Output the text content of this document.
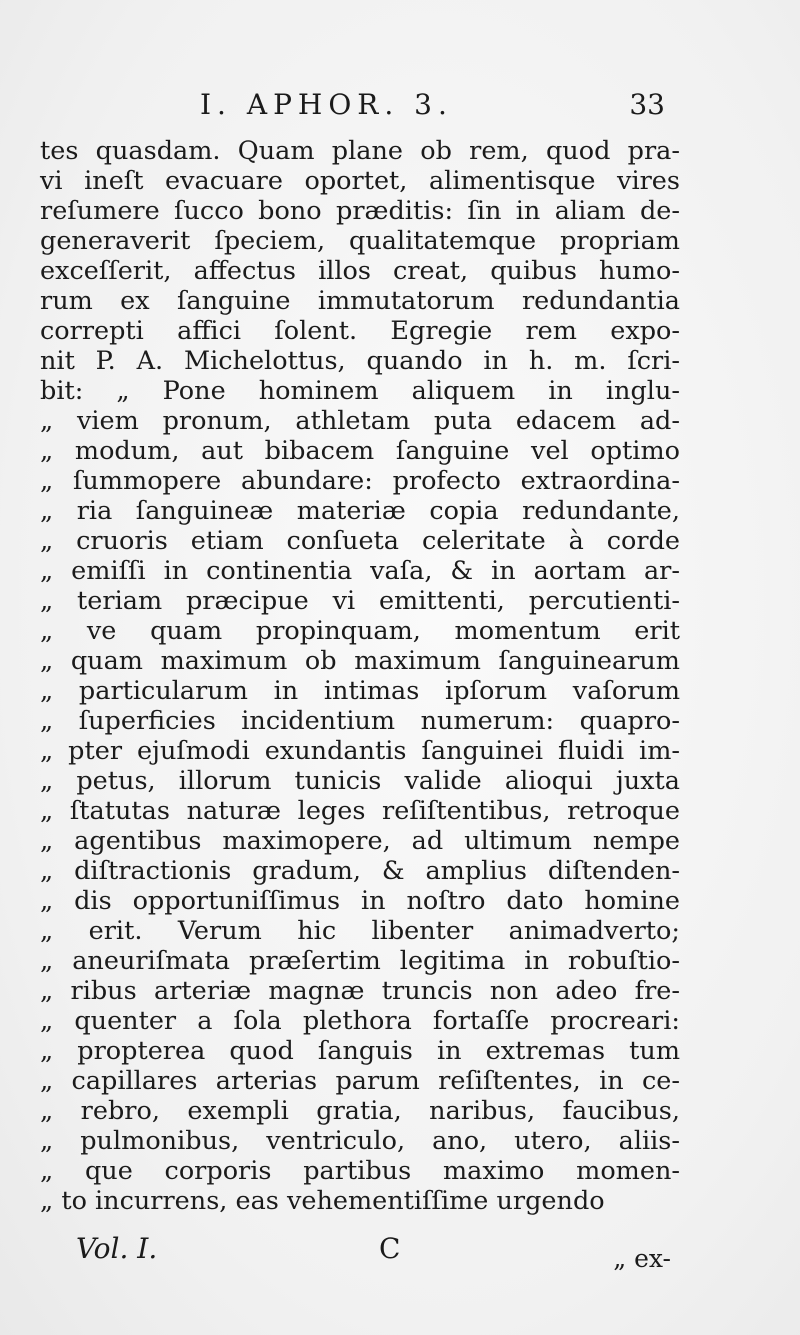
I. APHOR. 3.	33
tes quasdam. Quam plane ob rem, quod pra-
vi ineſt evacuare oportet, alimentisque vires
reſumere ſucco bono præditis: ſin in aliam de-
generaverit ſpeciem, qualitatemque propriam
exceſſerit, affectus illos creat, quibus humo-
rum ex ſanguine immutatorum redundantia
correpti affici ſolent. Egregie rem expo-
nit P. A. Michelottus, quando in h. m. ſcri-
bit: „ Pone hominem aliquem in inglu-
„ viem pronum, athletam puta edacem ad-
„ modum, aut bibacem ſanguine vel optimo
„ ſummopere abundare: profecto extraordina-
„ ria ſanguineæ materiæ copia redundante,
„ cruoris etiam conſueta celeritate à corde
„ emiſſi in continentia vaſa, & in aortam ar-
„ teriam præcipue vi emittenti, percutienti-
„ ve quam propinquam, momentum erit
„ quam maximum ob maximum ſanguinearum
„ particularum in intimas ipſorum vaſorum
„ ſuperficies incidentium numerum: quapro-
„ pter ejuſmodi exundantis ſanguinei fluidi im-
„ petus, illorum tunicis valide alioqui juxta
„ ſtatutas naturæ leges reſiſtentibus, retroque
„ agentibus maximopere, ad ultimum nempe
„ diſtractionis gradum, & amplius diſtenden-
„ dis opportuniſſimus in noſtro dato homine
„ erit. Verum hic libenter animadverto;
„ aneuriſmata præſertim legitima in robuſtio-
„ ribus arteriæ magnæ truncis non adeo fre-
„ quenter a ſola plethora fortaſſe procreari:
„ propterea quod ſanguis in extremas tum
„ capillares arterias parum reſiſtentes, in ce-
„ rebro, exempli gratia, naribus, faucibus,
„ pulmonibus, ventriculo, ano, utero, aliis-
„ que corporis partibus maximo momen-
„ to incurrens, eas vehementiſſime urgendo
Vol. I.	C	„ ex-
